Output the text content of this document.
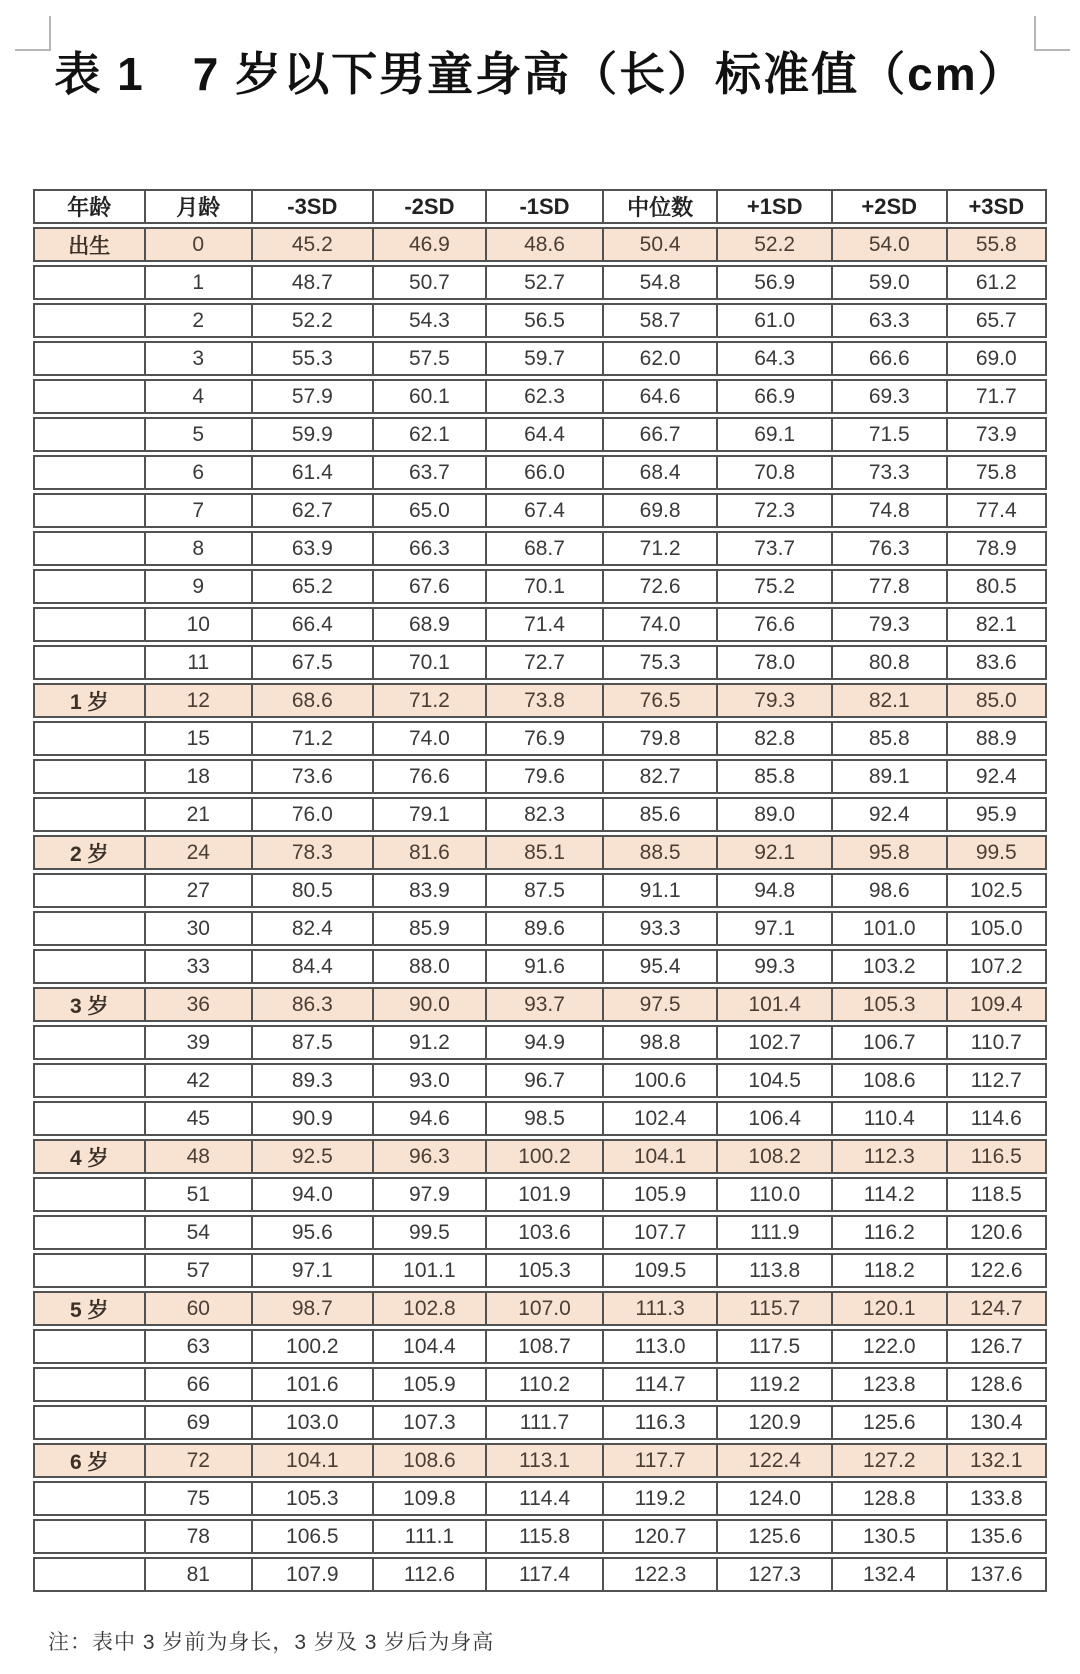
表 1　7 岁以下男童身高（长）标准值（cm）
年龄	月龄	-3SD	-2SD	-1SD	中位数	+1SD	+2SD	+3SD
出生	0	45.2	46.9	48.6	50.4	52.2	54.0	55.8
	1	48.7	50.7	52.7	54.8	56.9	59.0	61.2
	2	52.2	54.3	56.5	58.7	61.0	63.3	65.7
	3	55.3	57.5	59.7	62.0	64.3	66.6	69.0
	4	57.9	60.1	62.3	64.6	66.9	69.3	71.7
	5	59.9	62.1	64.4	66.7	69.1	71.5	73.9
	6	61.4	63.7	66.0	68.4	70.8	73.3	75.8
	7	62.7	65.0	67.4	69.8	72.3	74.8	77.4
	8	63.9	66.3	68.7	71.2	73.7	76.3	78.9
	9	65.2	67.6	70.1	72.6	75.2	77.8	80.5
	10	66.4	68.9	71.4	74.0	76.6	79.3	82.1
	11	67.5	70.1	72.7	75.3	78.0	80.8	83.6
1 岁	12	68.6	71.2	73.8	76.5	79.3	82.1	85.0
	15	71.2	74.0	76.9	79.8	82.8	85.8	88.9
	18	73.6	76.6	79.6	82.7	85.8	89.1	92.4
	21	76.0	79.1	82.3	85.6	89.0	92.4	95.9
2 岁	24	78.3	81.6	85.1	88.5	92.1	95.8	99.5
	27	80.5	83.9	87.5	91.1	94.8	98.6	102.5
	30	82.4	85.9	89.6	93.3	97.1	101.0	105.0
	33	84.4	88.0	91.6	95.4	99.3	103.2	107.2
3 岁	36	86.3	90.0	93.7	97.5	101.4	105.3	109.4
	39	87.5	91.2	94.9	98.8	102.7	106.7	110.7
	42	89.3	93.0	96.7	100.6	104.5	108.6	112.7
	45	90.9	94.6	98.5	102.4	106.4	110.4	114.6
4 岁	48	92.5	96.3	100.2	104.1	108.2	112.3	116.5
	51	94.0	97.9	101.9	105.9	110.0	114.2	118.5
	54	95.6	99.5	103.6	107.7	111.9	116.2	120.6
	57	97.1	101.1	105.3	109.5	113.8	118.2	122.6
5 岁	60	98.7	102.8	107.0	111.3	115.7	120.1	124.7
	63	100.2	104.4	108.7	113.0	117.5	122.0	126.7
	66	101.6	105.9	110.2	114.7	119.2	123.8	128.6
	69	103.0	107.3	111.7	116.3	120.9	125.6	130.4
6 岁	72	104.1	108.6	113.1	117.7	122.4	127.2	132.1
	75	105.3	109.8	114.4	119.2	124.0	128.8	133.8
	78	106.5	111.1	115.8	120.7	125.6	130.5	135.6
	81	107.9	112.6	117.4	122.3	127.3	132.4	137.6
注：表中 3 岁前为身长，3 岁及 3 岁后为身高
